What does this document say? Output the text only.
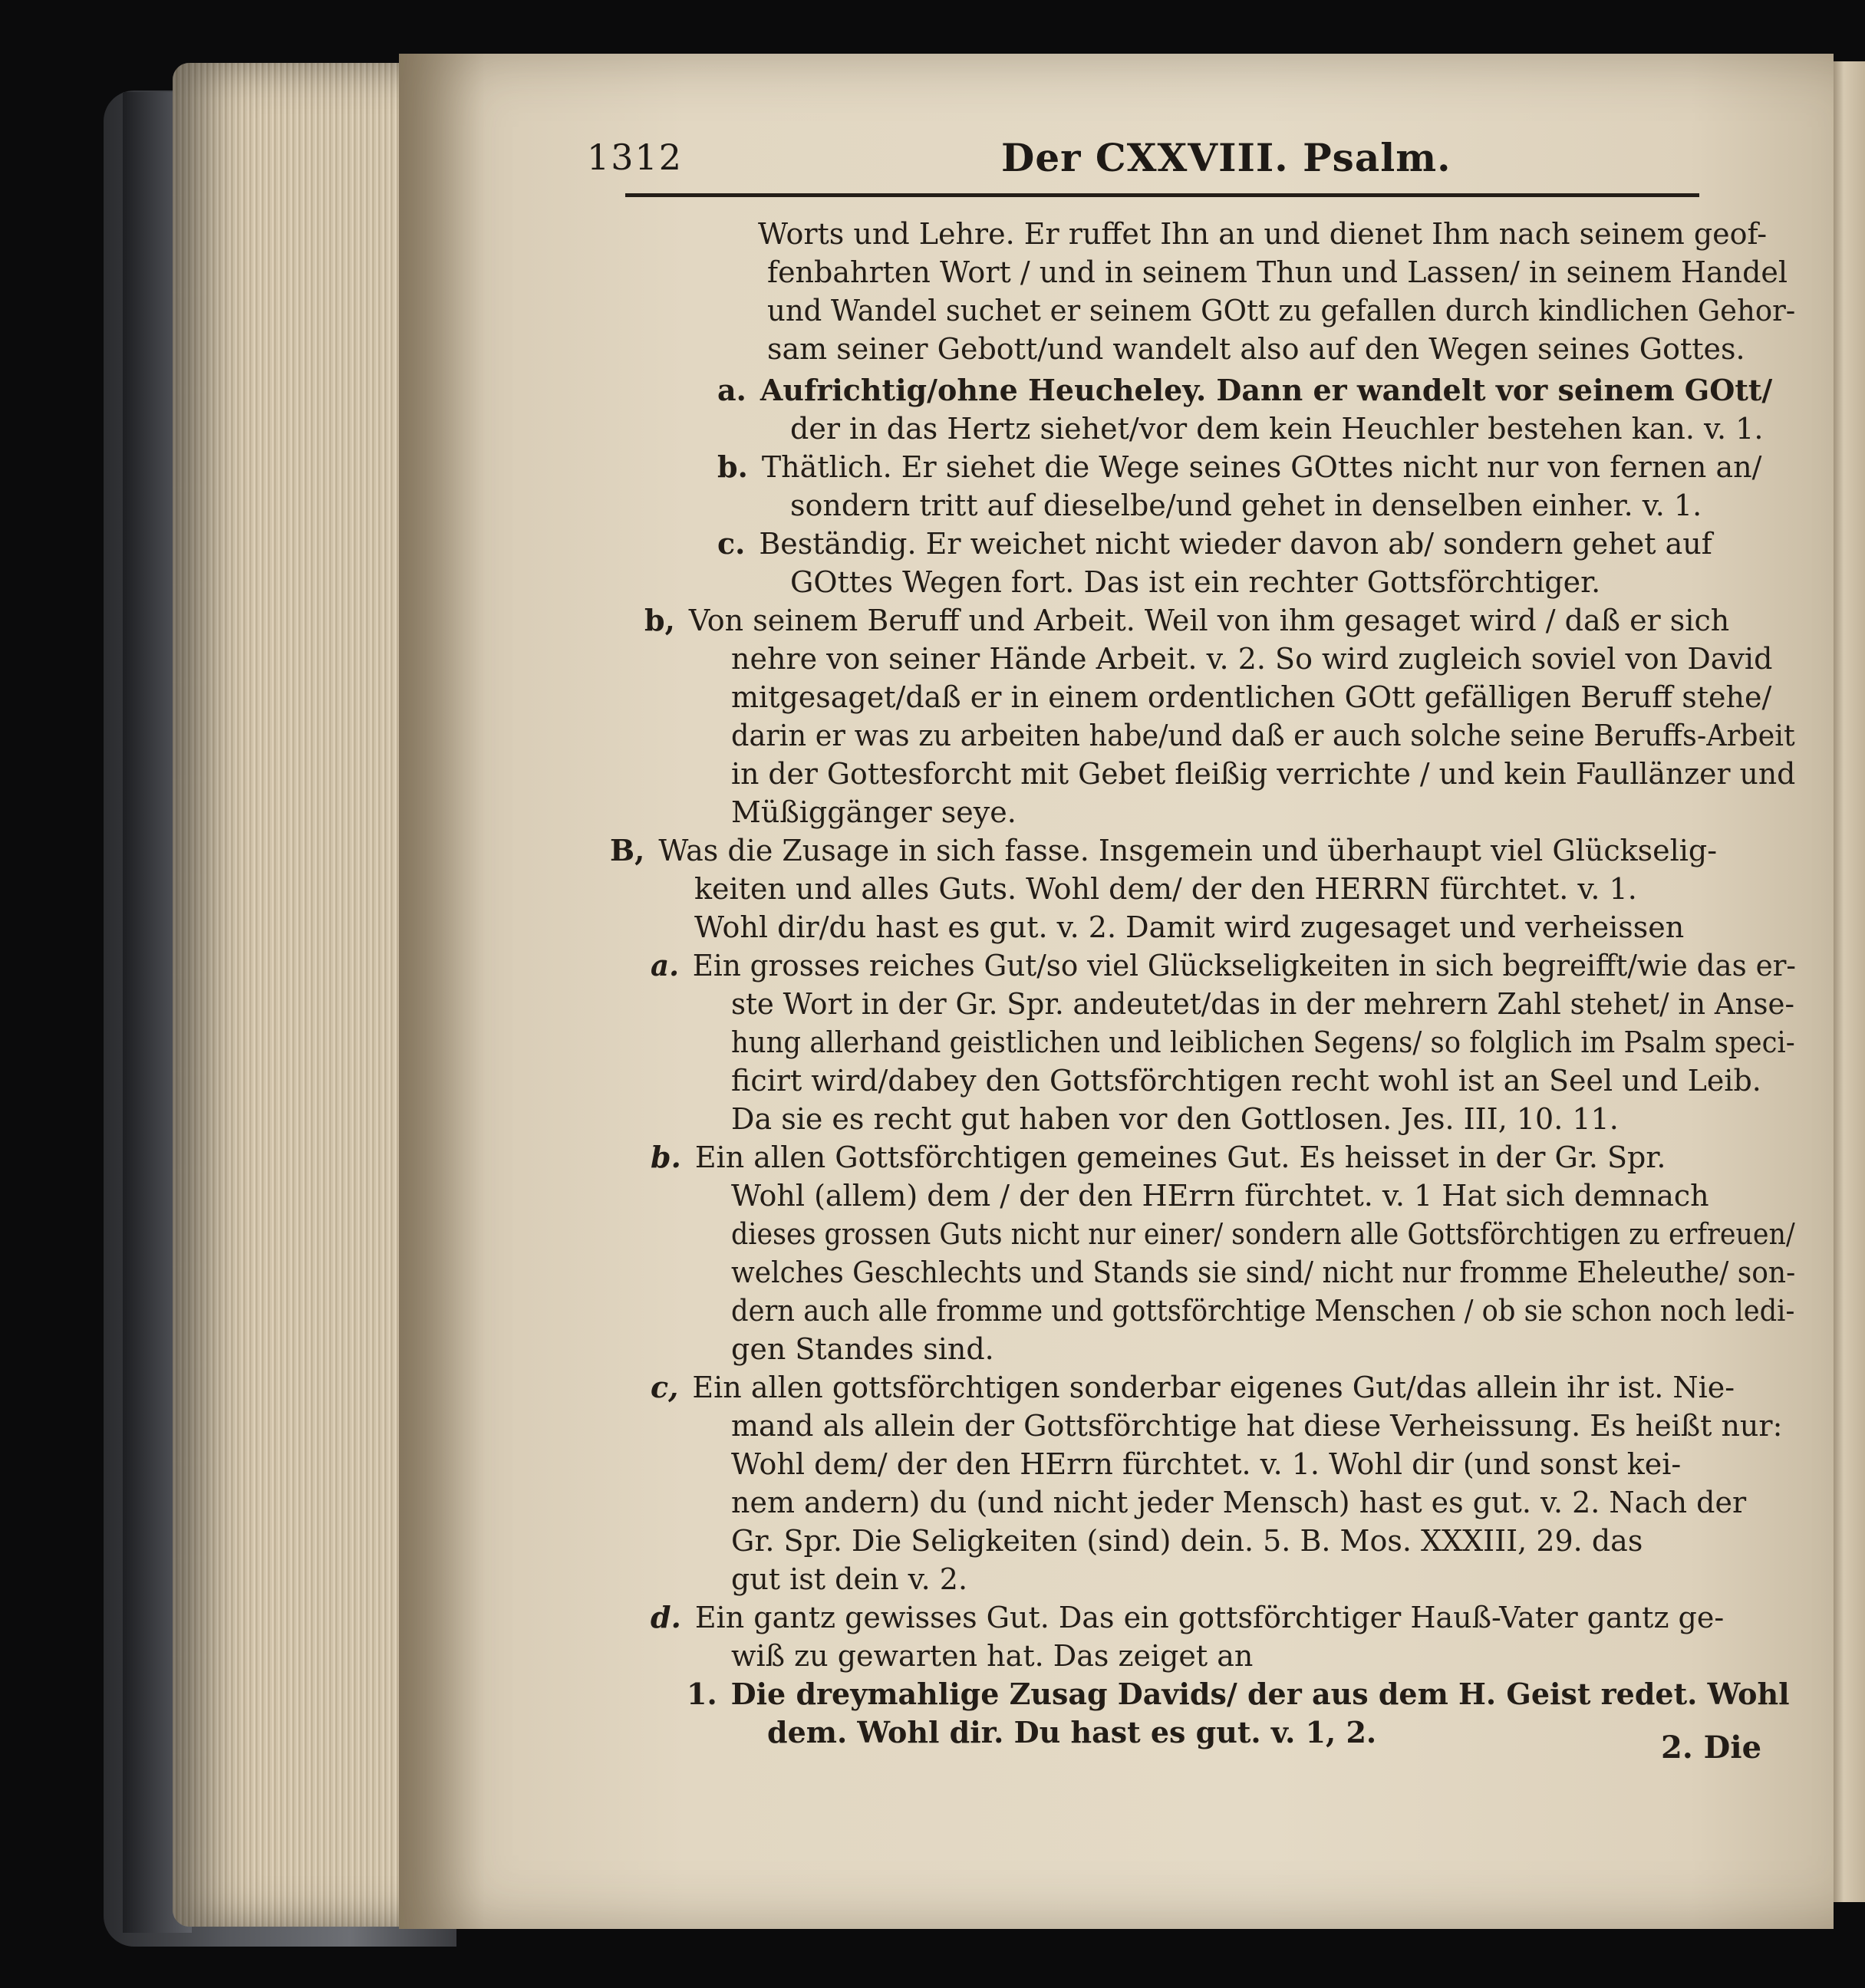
1312	Der CXXVIII. Psalm.
Worts und Lehre. Er ruffet Ihn an und dienet Ihm nach seinem geof-
fenbahrten Wort / und in seinem Thun und Lassen/ in seinem Handel
und Wandel suchet er seinem GOtt zu gefallen durch kindlichen Gehor-
sam seiner Gebott/und wandelt also auf den Wegen seines Gottes.
a. Aufrichtig/ohne Heucheley. Dann er wandelt vor seinem GOtt/
der in das Hertz siehet/vor dem kein Heuchler bestehen kan. v. 1.
b. Thätlich. Er siehet die Wege seines GOttes nicht nur von fernen an/
sondern tritt auf dieselbe/und gehet in denselben einher. v. 1.
c. Beständig. Er weichet nicht wieder davon ab/ sondern gehet auf
GOttes Wegen fort. Das ist ein rechter Gottsförchtiger.
b, Von seinem Beruff und Arbeit. Weil von ihm gesaget wird / daß er sich
nehre von seiner Hände Arbeit. v. 2. So wird zugleich soviel von David
mitgesaget/daß er in einem ordentlichen GOtt gefälligen Beruff stehe/
darin er was zu arbeiten habe/und daß er auch solche seine Beruffs-Arbeit
in der Gottesforcht mit Gebet fleißig verrichte / und kein Faullänzer und
Müßiggänger seye.
B, Was die Zusage in sich fasse. Insgemein und überhaupt viel Glückselig-
keiten und alles Guts. Wohl dem/ der den HERRN fürchtet. v. 1.
Wohl dir/du hast es gut. v. 2. Damit wird zugesaget und verheissen
a. Ein grosses reiches Gut/so viel Glückseligkeiten in sich begreifft/wie das er-
ste Wort in der Gr. Spr. andeutet/das in der mehrern Zahl stehet/ in Anse-
hung allerhand geistlichen und leiblichen Segens/ so folglich im Psalm speci-
ficirt wird/dabey den Gottsförchtigen recht wohl ist an Seel und Leib.
Da sie es recht gut haben vor den Gottlosen. Jes. III, 10. 11.
b. Ein allen Gottsförchtigen gemeines Gut. Es heisset in der Gr. Spr.
Wohl (allem) dem / der den HErrn fürchtet. v. 1 Hat sich demnach
dieses grossen Guts nicht nur einer/ sondern alle Gottsförchtigen zu erfreuen/
welches Geschlechts und Stands sie sind/ nicht nur fromme Eheleuthe/ son-
dern auch alle fromme und gottsförchtige Menschen / ob sie schon noch ledi-
gen Standes sind.
c, Ein allen gottsförchtigen sonderbar eigenes Gut/das allein ihr ist. Nie-
mand als allein der Gottsförchtige hat diese Verheissung. Es heißt nur:
Wohl dem/ der den HErrn fürchtet. v. 1. Wohl dir (und sonst kei-
nem andern) du (und nicht jeder Mensch) hast es gut. v. 2. Nach der
Gr. Spr. Die Seligkeiten (sind) dein. 5. B. Mos. XXXIII, 29. das
gut ist dein v. 2.
d. Ein gantz gewisses Gut. Das ein gottsförchtiger Hauß-Vater gantz ge-
wiß zu gewarten hat. Das zeiget an
1. Die dreymahlige Zusag Davids/ der aus dem H. Geist redet. Wohl
dem. Wohl dir. Du hast es gut. v. 1, 2.	2. Die
